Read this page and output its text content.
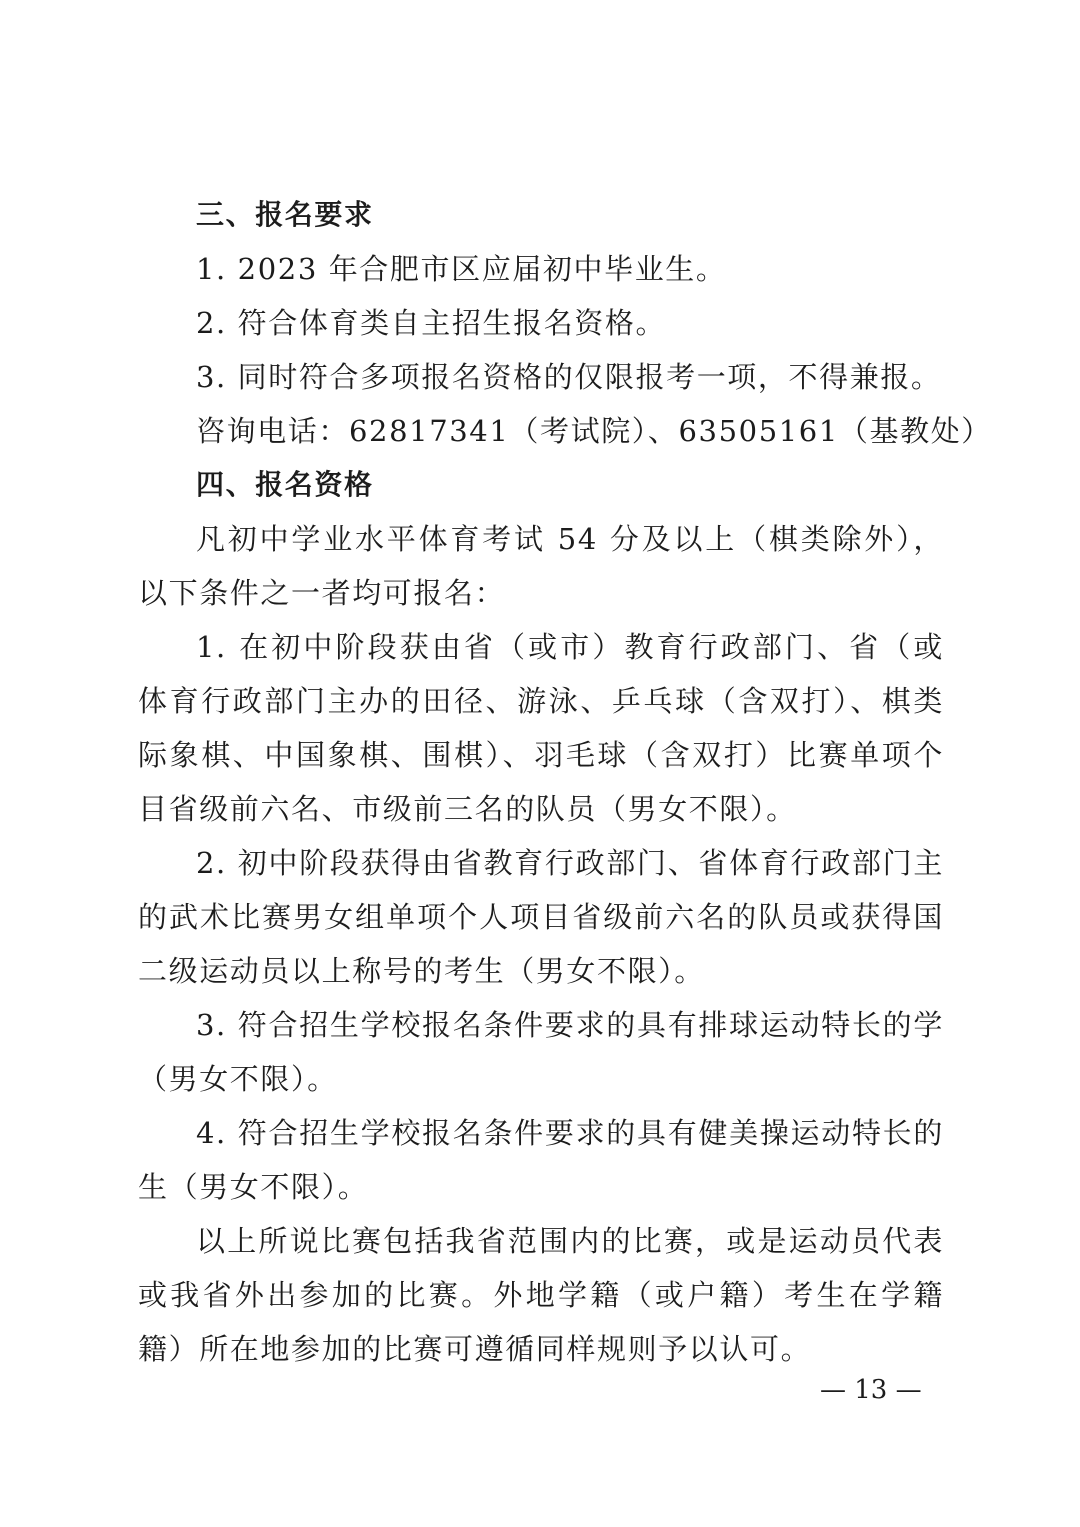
三、报名要求
1. 2023 年合肥市区应届初中毕业生。
2. 符合体育类自主招生报名资格。
3. 同时符合多项报名资格的仅限报考一项，不得兼报。
咨询电话：62817341（考试院）、63505161（基教处）
四、报名资格
凡初中学业水平体育考试 54 分及以上（棋类除外），
以下条件之一者均可报名：
1. 在初中阶段获由省（或市）教育行政部门、省（或
体育行政部门主办的田径、游泳、乒乓球（含双打）、棋类
际象棋、中国象棋、围棋）、羽毛球（含双打）比赛单项个
目省级前六名、市级前三名的队员（男女不限）。
2. 初中阶段获得由省教育行政部门、省体育行政部门主
的武术比赛男女组单项个人项目省级前六名的队员或获得国
二级运动员以上称号的考生（男女不限）。
3. 符合招生学校报名条件要求的具有排球运动特长的学
（男女不限）。
4. 符合招生学校报名条件要求的具有健美操运动特长的
生（男女不限）。
以上所说比赛包括我省范围内的比赛，或是运动员代表
或我省外出参加的比赛。外地学籍（或户籍）考生在学籍
籍）所在地参加的比赛可遵循同样规则予以认可。
— 13 —
